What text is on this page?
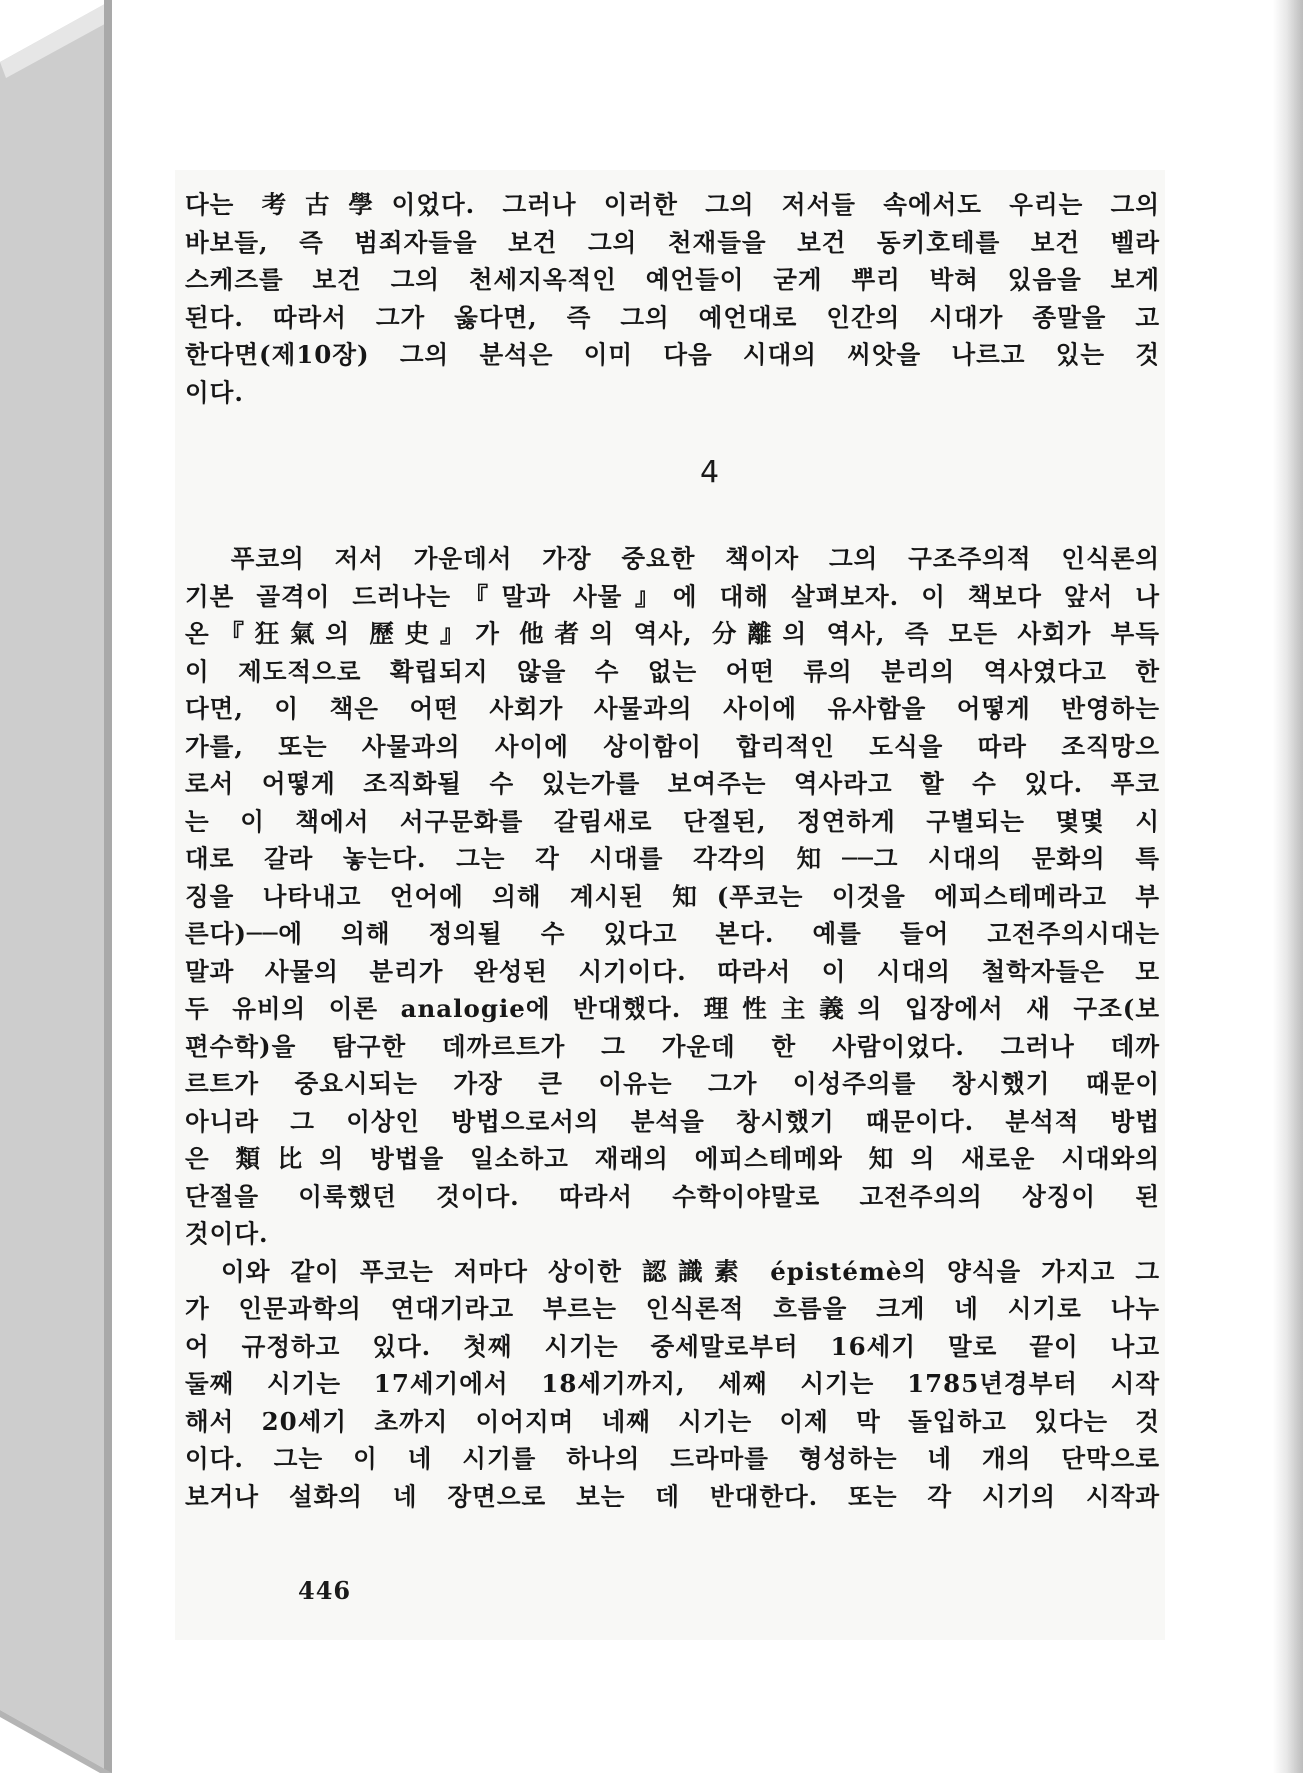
다는 考古學이었다. 그러나 이러한 그의 저서들 속에서도 우리는 그의
바보들, 즉 범죄자들을 보건 그의 천재들을 보건 동키호테를 보건 벨라
스케즈를 보건 그의 천세지옥적인 예언들이 굳게 뿌리 박혀 있음을 보게
된다. 따라서 그가 옳다면, 즉 그의 예언대로 인간의 시대가 종말을 고
한다면(제10장) 그의 분석은 이미 다음 시대의 씨앗을 나르고 있는 것
이다.
4
　푸코의 저서 가운데서 가장 중요한 책이자 그의 구조주의적 인식론의
기본 골격이 드러나는『말과 사물』에 대해 살펴보자. 이 책보다 앞서 나
온『狂氣의 歷史』가 他者의 역사, 分離의 역사, 즉 모든 사회가 부득
이 제도적으로 확립되지 않을 수 없는 어떤 류의 분리의 역사였다고 한
다면, 이 책은 어떤 사회가 사물과의 사이에 유사함을 어떻게 반영하는
가를, 또는 사물과의 사이에 상이함이 합리적인 도식을 따라 조직망으
로서 어떻게 조직화될 수 있는가를 보여주는 역사라고 할 수 있다. 푸코
는 이 책에서 서구문화를 갈림새로 단절된, 정연하게 구별되는 몇몇 시
대로 갈라 놓는다. 그는 각 시대를 각각의 知──그 시대의 문화의 특
징을 나타내고 언어에 의해 계시된 知(푸코는 이것을 에피스테메라고 부
른다)──에 의해 정의될 수 있다고 본다. 예를 들어 고전주의시대는
말과 사물의 분리가 완성된 시기이다. 따라서 이 시대의 철학자들은 모
두 유비의 이론 analogie에 반대했다. 理性主義의 입장에서 새 구조(보
편수학)을 탐구한 데까르트가 그 가운데 한 사람이었다. 그러나 데까
르트가 중요시되는 가장 큰 이유는 그가 이성주의를 창시했기 때문이
아니라 그 이상인 방법으로서의 분석을 창시했기 때문이다. 분석적 방법
은 類比의 방법을 일소하고 재래의 에피스테메와 知의 새로운 시대와의
단절을 이룩했던 것이다. 따라서 수학이야말로 고전주의의 상징이 된
것이다.
　이와 같이 푸코는 저마다 상이한 認識素 épistémè의 양식을 가지고 그
가 인문과학의 연대기라고 부르는 인식론적 흐름을 크게 네 시기로 나누
어 규정하고 있다. 첫째 시기는 중세말로부터 16세기 말로 끝이 나고
둘째 시기는 17세기에서 18세기까지, 세째 시기는 1785년경부터 시작
해서 20세기 초까지 이어지며 네째 시기는 이제 막 돌입하고 있다는 것
이다. 그는 이 네 시기를 하나의 드라마를 형성하는 네 개의 단막으로
보거나 설화의 네 장면으로 보는 데 반대한다. 또는 각 시기의 시작과
446
